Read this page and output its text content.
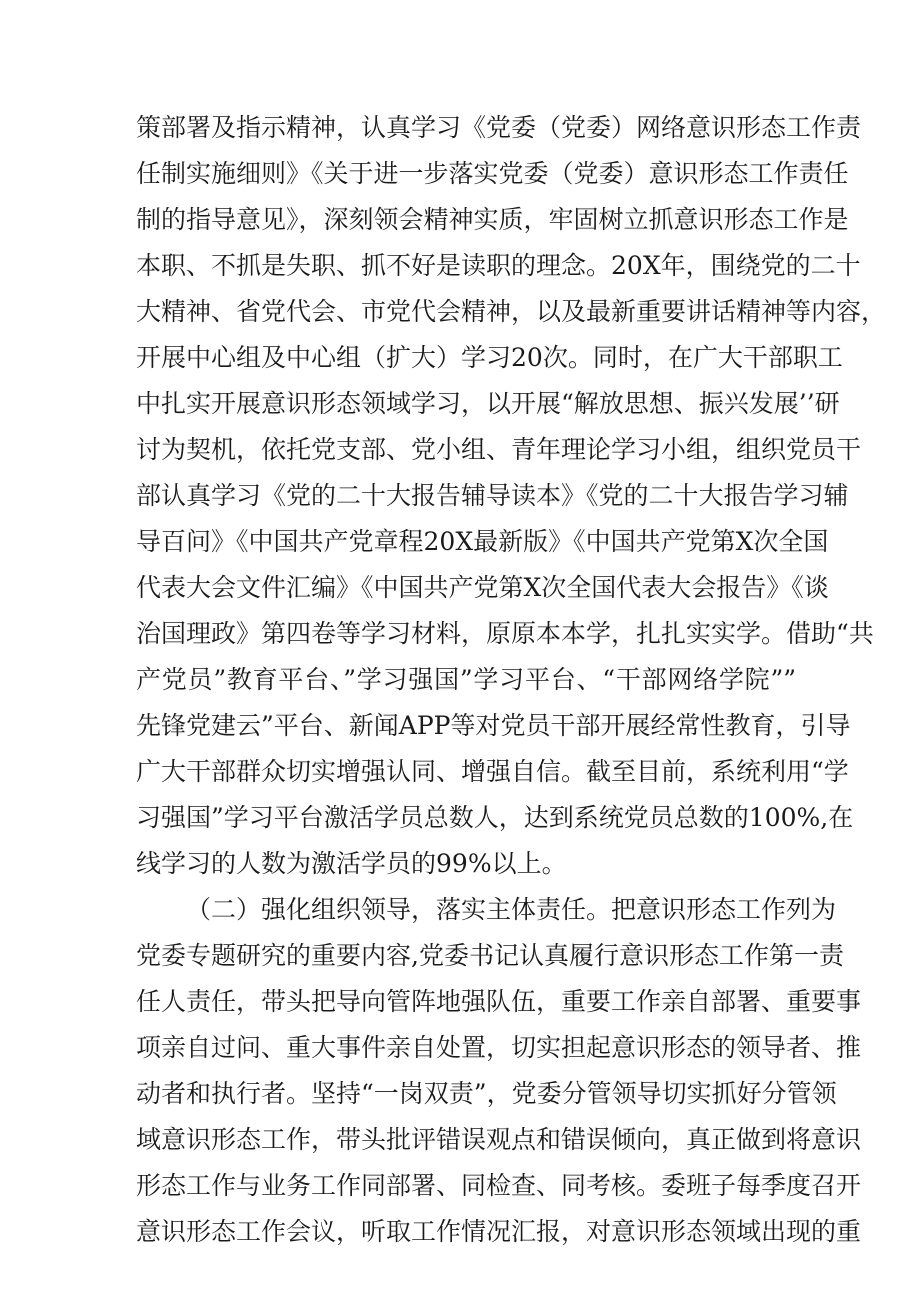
策部署及指示精神，认真学习《党委（党委）网络意识形态工作责
任制实施细则》《关于进一步落实党委（党委）意识形态工作责任
制的指导意见》，深刻领会精神实质，牢固树立抓意识形态工作是
本职、不抓是失职、抓不好是读职的理念。20X年，围绕党的二十
大精神、省党代会、市党代会精神，以及最新重要讲话精神等内容，
开展中心组及中心组（扩大）学习20次。同时，在广大干部职工
中扎实开展意识形态领域学习，以开展“解放思想、振兴发展’’研
讨为契机，依托党支部、党小组、青年理论学习小组，组织党员干
部认真学习《党的二十大报告辅导读本》《党的二十大报告学习辅
导百问》《中国共产党章程20X最新版》《中国共产党第X次全国
代表大会文件汇编》《中国共产党第X次全国代表大会报告》《谈
治国理政》第四卷等学习材料，原原本本学，扎扎实实学。借助“共
产党员”教育平台、”学习强国”学习平台、“干部网络学院””
先锋党建云”平台、新闻APP等对党员干部开展经常性教育，引导
广大干部群众切实增强认同、增强自信。截至目前，系统利用“学
习强国”学习平台激活学员总数人，达到系统党员总数的100%,在
线学习的人数为激活学员的99%以上。
（二）强化组织领导，落实主体责任。把意识形态工作列为
党委专题研究的重要内容,党委书记认真履行意识形态工作第一责
任人责任，带头把导向管阵地强队伍，重要工作亲自部署、重要事
项亲自过问、重大事件亲自处置，切实担起意识形态的领导者、推
动者和执行者。坚持“一岗双责”，党委分管领导切实抓好分管领
域意识形态工作，带头批评错误观点和错误倾向，真正做到将意识
形态工作与业务工作同部署、同检查、同考核。委班子每季度召开
意识形态工作会议，听取工作情况汇报，对意识形态领域出现的重
